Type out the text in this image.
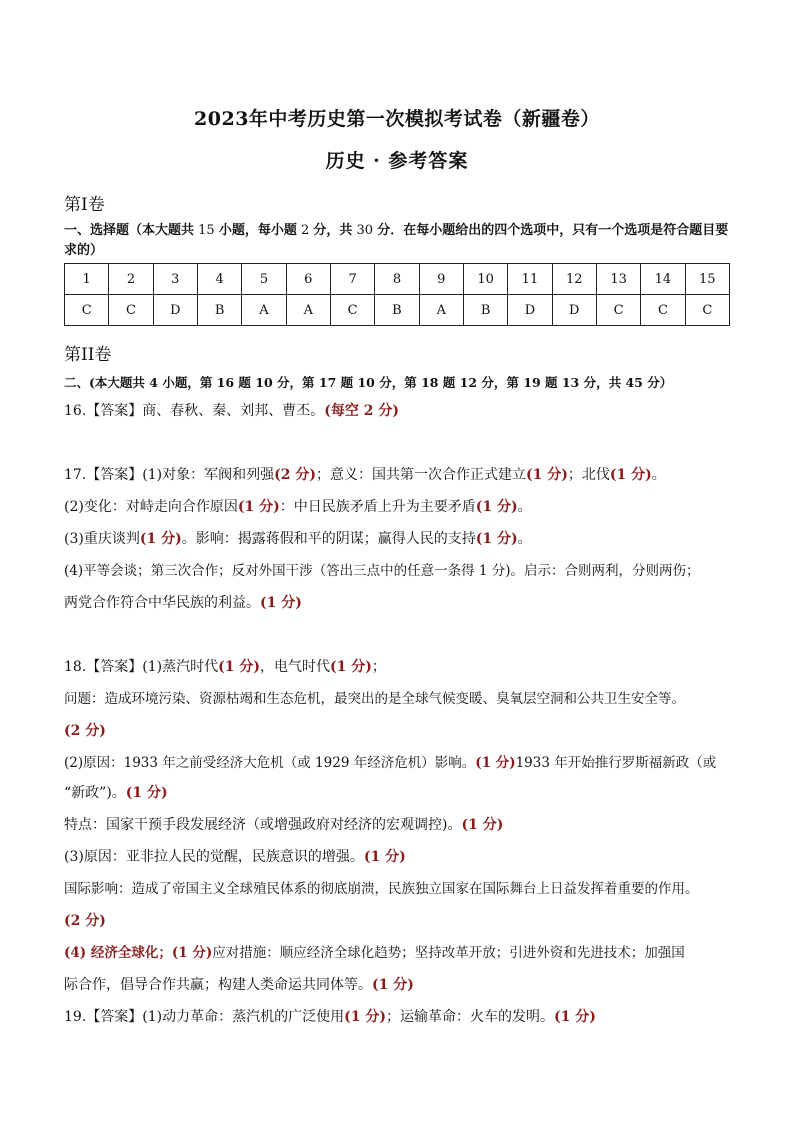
2023年中考历史第一次模拟考试卷（新疆卷）
历史 · 参考答案
第Ⅰ卷
一、选择题（本大题共 15 小题，每小题 2 分，共 30 分．在每小题给出的四个选项中，只有一个选项是符合题目要求的）
1	2	3	4	5	6	7	8	9	10	11	12	13	14	15
C	C	D	B	A	A	C	B	A	B	D	D	C	C	C
第II卷
二、(本大题共 4 小题，第 16 题 10 分，第 17 题 10 分，第 18 题 12 分，第 19 题 13 分，共 45 分）
16.【答案】商、春秋、秦、刘邦、曹丕。(每空 2 分)
17.【答案】(1)对象：军阀和列强(2 分)；意义：国共第一次合作正式建立(1 分)；北伐(1 分)。
(2)变化：对峙走向合作原因(1 分)：中日民族矛盾上升为主要矛盾(1 分)。
(3)重庆谈判(1 分)。影响：揭露蒋假和平的阴谋；赢得人民的支持(1 分)。
(4)平等会谈；第三次合作；反对外国干涉（答出三点中的任意一条得 1 分)。启示：合则两利，分则两伤；
两党合作符合中华民族的利益。(1 分)
18.【答案】(1)蒸汽时代(1 分)，电气时代(1 分)；
问题：造成环境污染、资源枯竭和生态危机，最突出的是全球气候变暖、臭氧层空洞和公共卫生安全等。
(2 分)
(2)原因：1933 年之前受经济大危机（或 1929 年经济危机）影响。(1 分)1933 年开始推行罗斯福新政（或
“新政”)。(1 分)
特点：国家干预手段发展经济（或增强政府对经济的宏观调控)。(1 分)
(3)原因：亚非拉人民的觉醒，民族意识的增强。(1 分)
国际影响：造成了帝国主义全球殖民体系的彻底崩溃，民族独立国家在国际舞台上日益发挥着重要的作用。
(2 分)
(4) 经济全球化；(1 分)应对措施：顺应经济全球化趋势；坚持改革开放；引进外资和先进技术；加强国
际合作，倡导合作共赢；构建人类命运共同体等。(1 分)
19.【答案】(1)动力革命：蒸汽机的广泛使用(1 分)；运输革命：火车的发明。(1 分)
